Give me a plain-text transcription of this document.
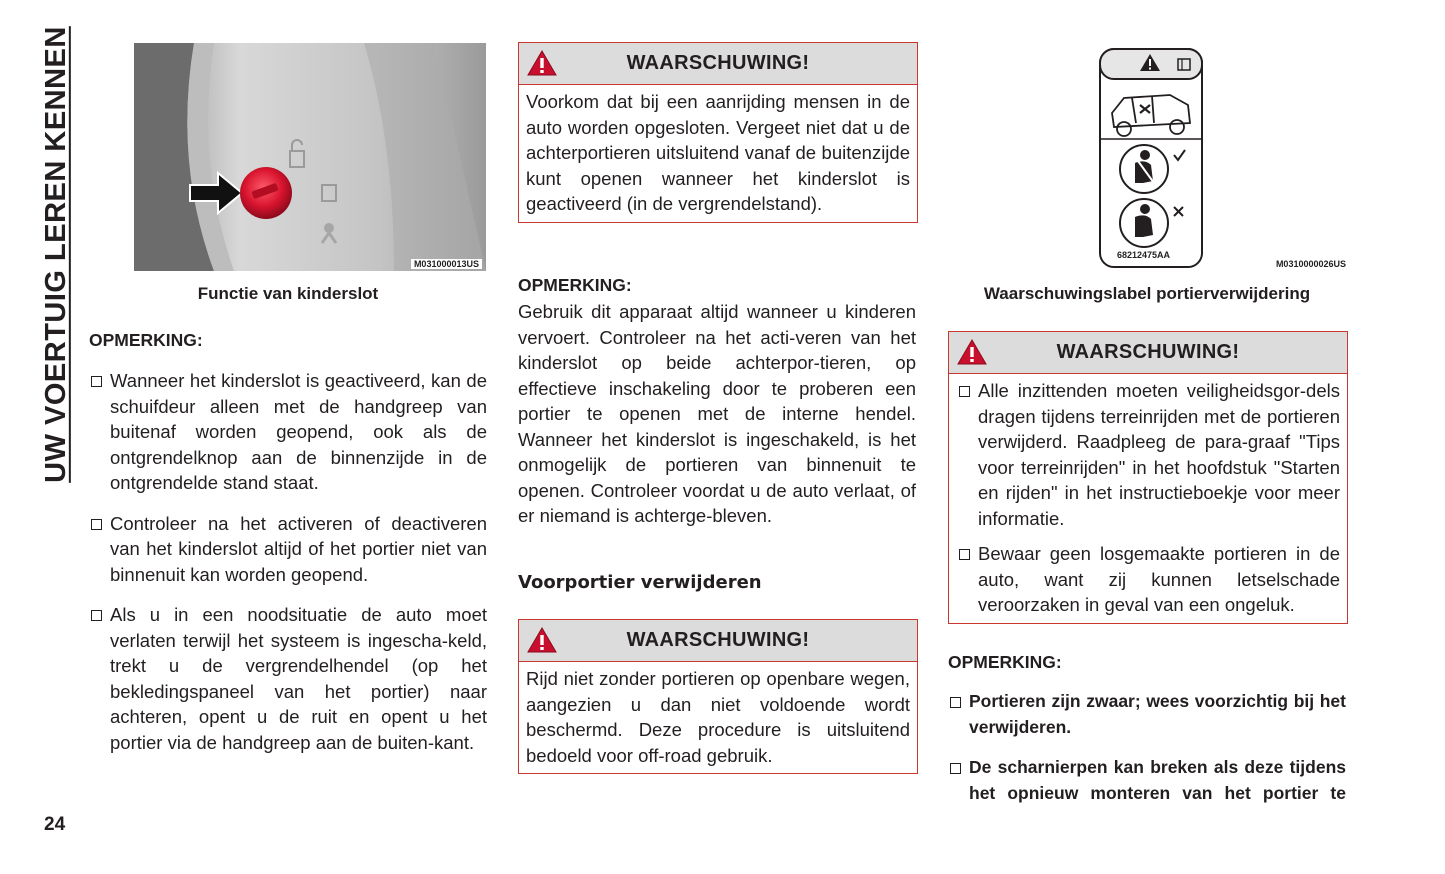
UW VOERTUIG LEREN KENNEN
24
M031000013US
Functie van kinderslot
OPMERKING:

Wanneer het kinderslot is geactiveerd, kan de schuifdeur alleen met de handgreep van buitenaf worden geopend, ook als de ontgrendelknop aan de binnenzijde in de ontgrendelde stand staat.

Controleer na het activeren of deactiveren van het kinderslot altijd of het portier niet van binnenuit kan worden geopend.

Als u in een noodsituatie de auto moet verlaten terwijl het systeem is ingescha-keld, trekt u de vergrendelhendel (op het bekledingspaneel van het portier) naar achteren, opent u de ruit en opent u het portier via de handgreep aan de buiten-kant.

WAARSCHUWING!
Voorkom dat bij een aanrijding mensen in de auto worden opgesloten. Vergeet niet dat u de achterportieren uitsluitend vanaf de buitenzijde kunt openen wanneer het kinderslot is geactiveerd (in de vergrendelstand).
OPMERKING:
Gebruik dit apparaat altijd wanneer u kinderen vervoert. Controleer na het acti-veren van het kinderslot op beide achterpor-tieren, op effectieve inschakeling door te proberen een portier te openen met de interne hendel. Wanneer het kinderslot is ingeschakeld, is het onmogelijk de portieren van binnenuit te openen. Controleer voordat u de auto verlaat, of er niemand is achterge-bleven.
Voorportier verwijderen
WAARSCHUWING!
Rijd niet zonder portieren op openbare wegen, aangezien u dan niet voldoende wordt beschermd. Deze procedure is uitsluitend bedoeld voor off-road gebruik.
68212475AA
M0310000026US
Waarschuwingslabel portierverwijdering
WAARSCHUWING!

Alle inzittenden moeten veiligheidsgor-dels dragen tijdens terreinrijden met de portieren verwijderd. Raadpleeg de para-graaf "Tips voor terreinrijden" in het hoofdstuk "Starten en rijden" in het instructieboekje voor meer informatie.

Bewaar geen losgemaakte portieren in de auto, want zij kunnen letselschade veroorzaken in geval van een ongeluk.

OPMERKING:

Portieren zijn zwaar; wees voorzichtig bij het verwijderen.

De scharnierpen kan breken als deze tijdens het opnieuw monteren van het portier te
